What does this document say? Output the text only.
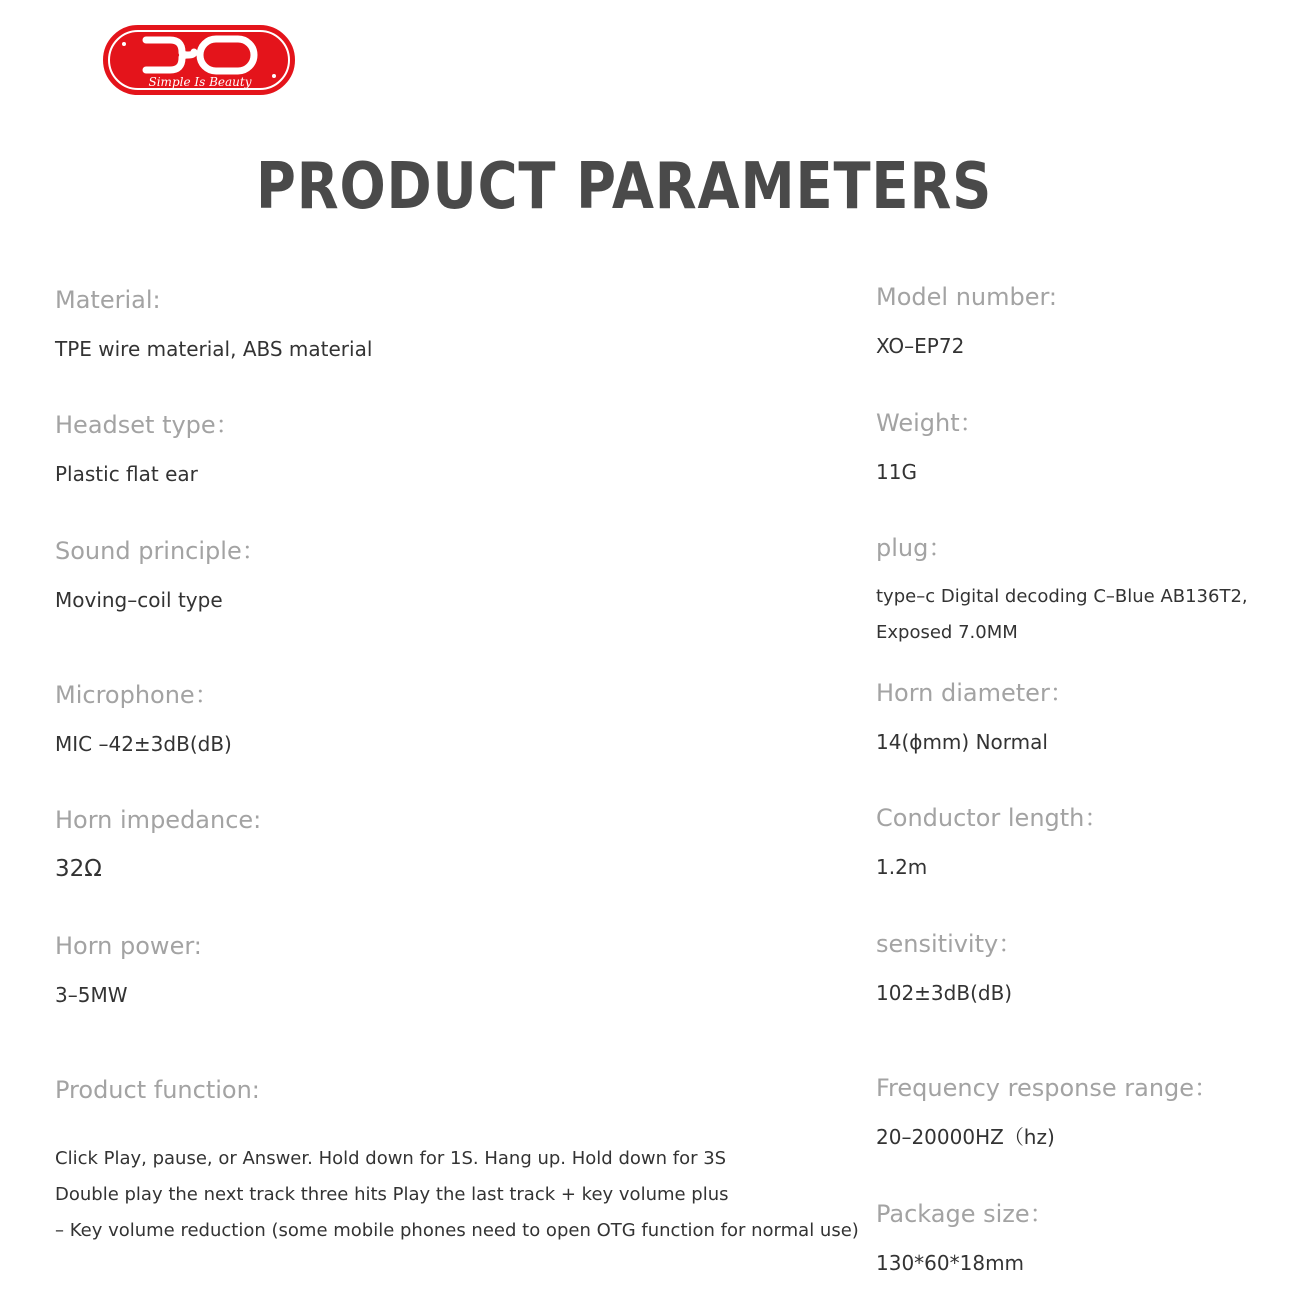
Simple Is Beauty
PRODUCT PARAMETERS
Material:
TPE wire material, ABS material
Headset type：
Plastic flat ear
Sound principle：
Moving–coil type
Microphone：
MIC –42±3dB(dB)
Horn impedance:
32Ω
Horn power:
3–5MW
Product function:
Click Play, pause, or Answer. Hold down for 1S. Hang up. Hold down for 3S
Double play the next track three hits Play the last track + key volume plus
– Key volume reduction (some mobile phones need to open OTG function for normal use)
Model number:
XO–EP72
Weight：
11G
plug：
type–c Digital decoding C–Blue AB136T2,
Exposed 7.0MM
Horn diameter：
14(ϕmm) Normal
Conductor length：
1.2m
sensitivity：
102±3dB(dB)
Frequency response range：
20–20000HZ（hz)
Package size：
130*60*18mm
